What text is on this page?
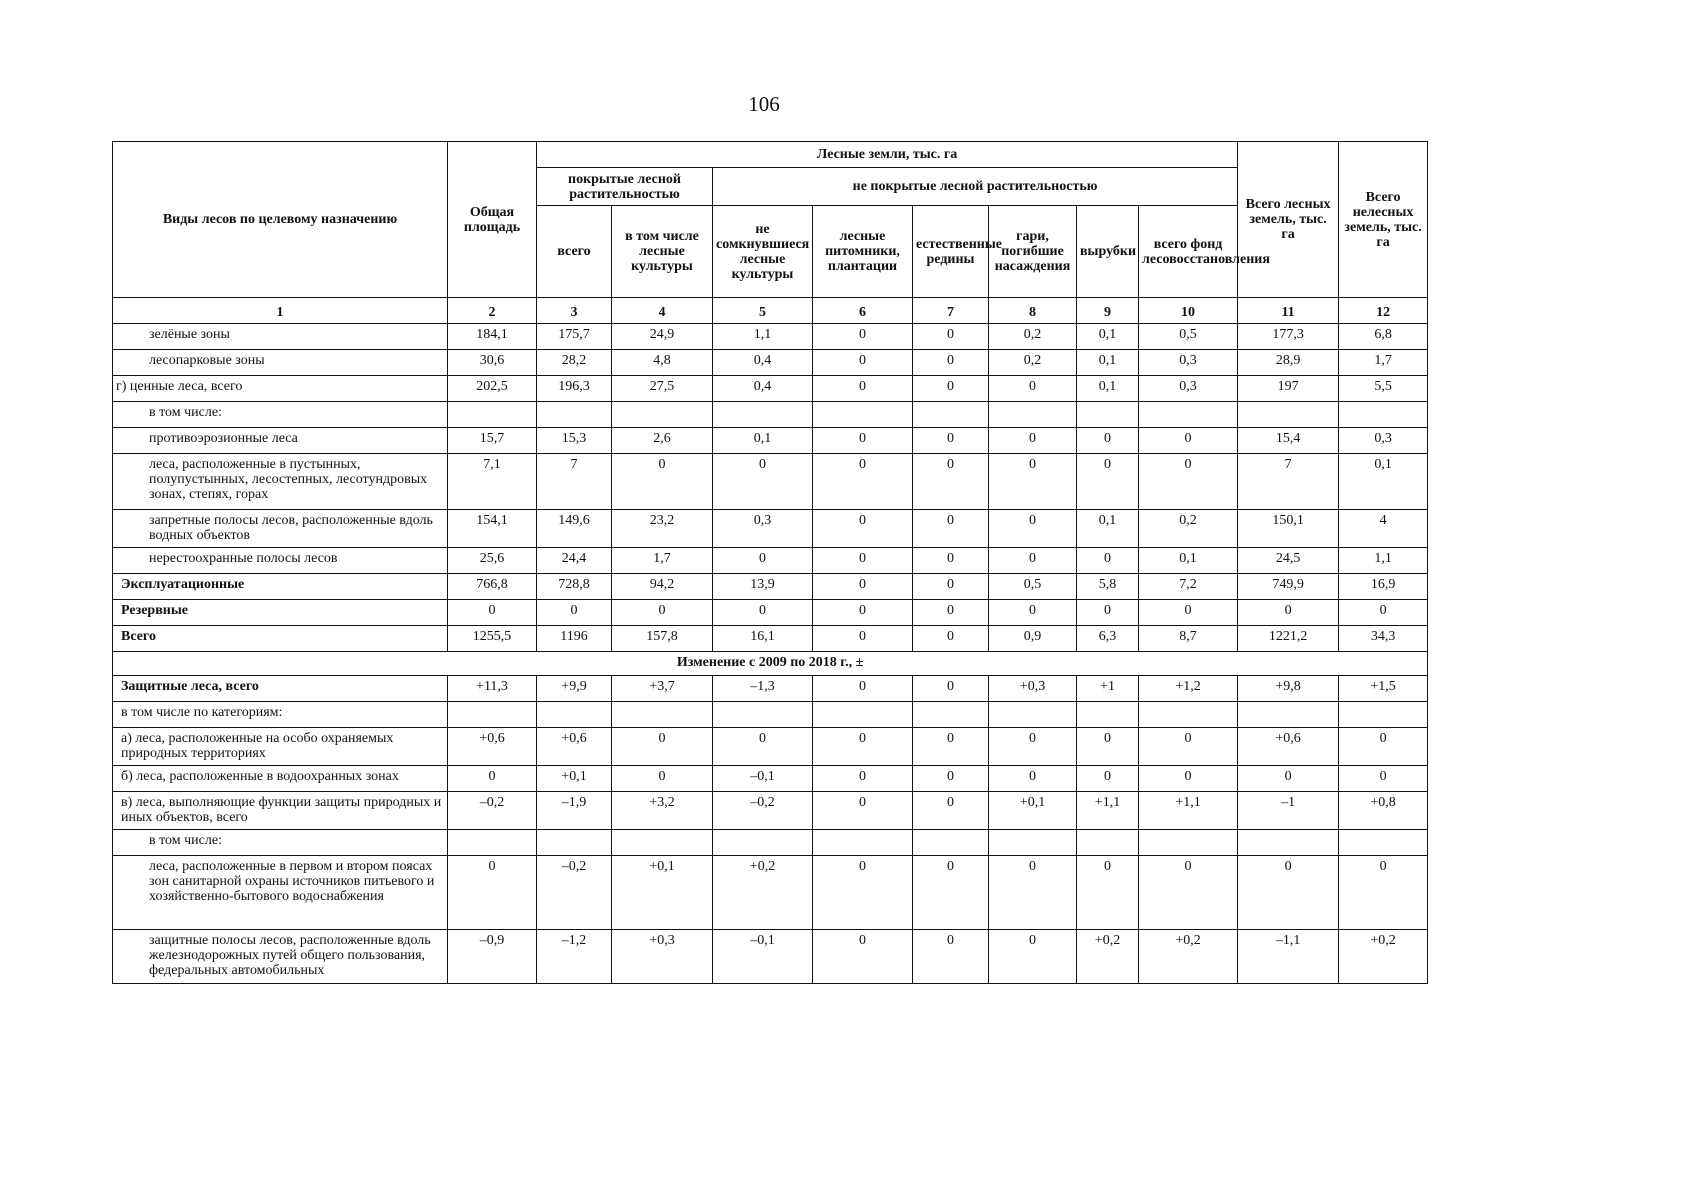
106
Виды лесов по целевому назначению	Общая площадь	Лесные земли, тыс. га								Всего лесных земель, тыс. га	Всего нелесных земель, тыс. га
		покрытые лесной растительностью		не покрытые лесной растительностью							
		всего	в том числе лесные культуры	не сомкнувшиеся лесные культуры	лесные питомники, плантации	естественные редины	гари, погибшие насаждения	вырубки	всего фонд лесовосстановления		
1	2	3	4	5	6	7	8	9	10	11	12
зелёные зоны	184,1	175,7	24,9	1,1	0	0	0,2	0,1	0,5	177,3	6,8
лесопарковые зоны	30,6	28,2	4,8	0,4	0	0	0,2	0,1	0,3	28,9	1,7
г) ценные леса, всего	202,5	196,3	27,5	0,4	0	0	0	0,1	0,3	197	5,5
в том числе:											
противоэрозионные леса	15,7	15,3	2,6	0,1	0	0	0	0	0	15,4	0,3
леса, расположенные в пустынных, полупустынных, лесостепных, лесотундровых зонах, степях, горах	7,1	7	0	0	0	0	0	0	0	7	0,1
запретные полосы лесов, расположенные вдоль водных объектов	154,1	149,6	23,2	0,3	0	0	0	0,1	0,2	150,1	4
нерестоохранные полосы лесов	25,6	24,4	1,7	0	0	0	0	0	0,1	24,5	1,1
Эксплуатационные	766,8	728,8	94,2	13,9	0	0	0,5	5,8	7,2	749,9	16,9
Резервные	0	0	0	0	0	0	0	0	0	0	0
Всего	1255,5	1196	157,8	16,1	0	0	0,9	6,3	8,7	1221,2	34,3
Изменение с 2009 по 2018 г., ±											
Защитные леса, всего	+11,3	+9,9	+3,7	–1,3	0	0	+0,3	+1	+1,2	+9,8	+1,5
в том числе по категориям:											
а) леса, расположенные на особо охраняемых природных территориях	+0,6	+0,6	0	0	0	0	0	0	0	+0,6	0
б) леса, расположенные в водоохранных зонах	0	+0,1	0	–0,1	0	0	0	0	0	0	0
в) леса, выполняющие функции защиты природных и иных объектов, всего	–0,2	–1,9	+3,2	–0,2	0	0	+0,1	+1,1	+1,1	–1	+0,8
в том числе:											
леса, расположенные в первом и втором поясах зон санитарной охраны источников питьевого и хозяйственно-бытового водоснабжения	0	–0,2	+0,1	+0,2	0	0	0	0	0	0	0
защитные полосы лесов, расположенные вдоль железнодорожных путей общего пользования, федеральных автомобильных	–0,9	–1,2	+0,3	–0,1	0	0	0	+0,2	+0,2	–1,1	+0,2
